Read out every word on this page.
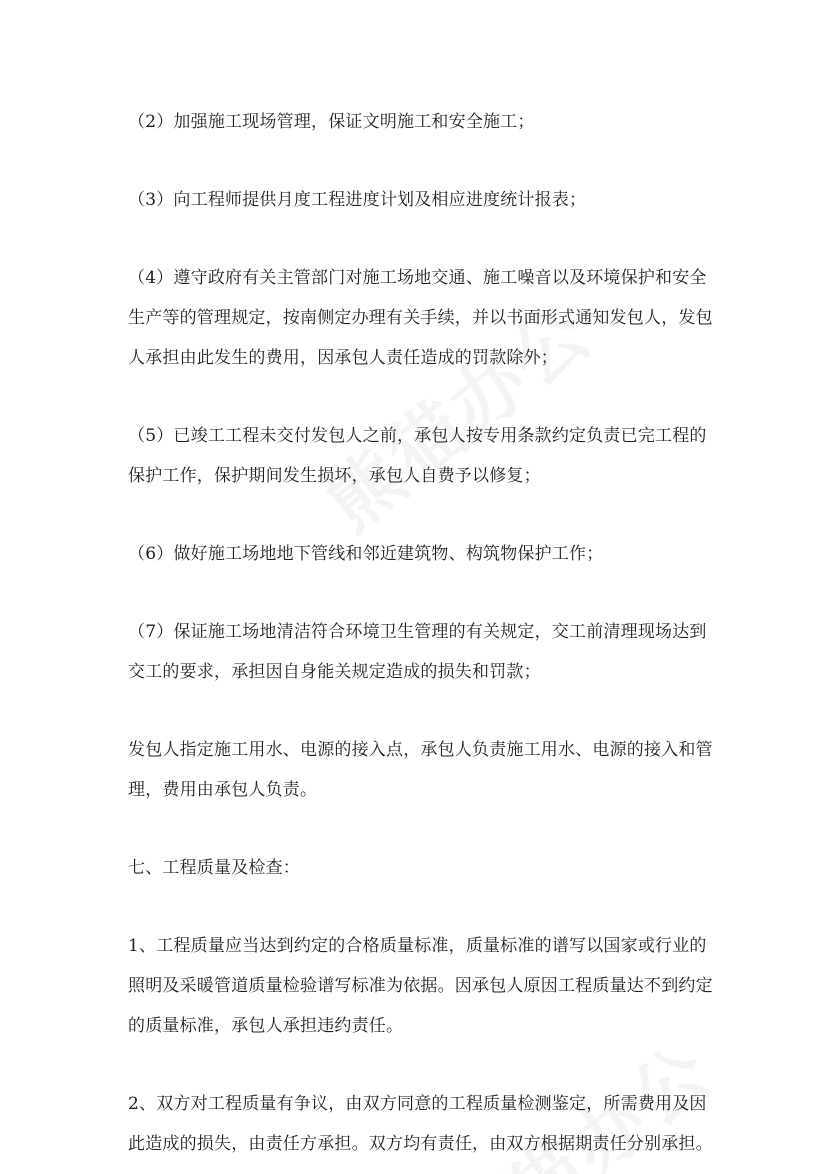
（2）加强施工现场管理，保证文明施工和安全施工；

（3）向工程师提供月度工程进度计划及相应进度统计报表；

（4）遵守政府有关主管部门对施工场地交通、施工噪音以及环境保护和安全生产等的管理规定，按南侧定办理有关手续，并以书面形式通知发包人，发包人承担由此发生的费用，因承包人责任造成的罚款除外；

（5）已竣工工程未交付发包人之前，承包人按专用条款约定负责已完工程的保护工作，保护期间发生损坏，承包人自费予以修复；

（6）做好施工场地地下管线和邻近建筑物、构筑物保护工作；

（7）保证施工场地清洁符合环境卫生管理的有关规定，交工前清理现场达到交工的要求，承担因自身能关规定造成的损失和罚款；

发包人指定施工用水、电源的接入点，承包人负责施工用水、电源的接入和管理，费用由承包人负责。

七、工程质量及检查：

1、工程质量应当达到约定的合格质量标准，质量标准的谱写以国家或行业的照明及采暖管道质量检验谱写标准为依据。因承包人原因工程质量达不到约定的质量标准，承包人承担违约责任。

2、双方对工程质量有争议，由双方同意的工程质量检测鉴定，所需费用及因此造成的损失，由责任方承担。双方均有责任，由双方根据期责任分别承担。
